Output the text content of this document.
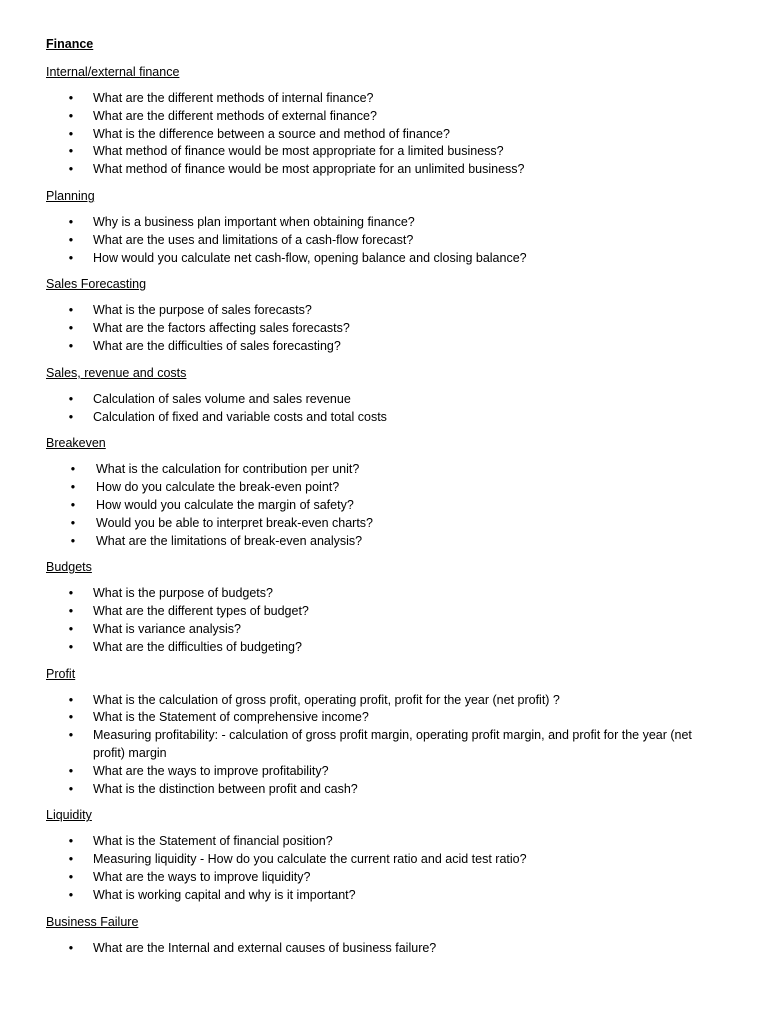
Finance
Internal/external finance
• What are the different methods of internal finance?
• What are the different methods of external finance?
• What is the difference between a source and method of finance?
• What method of finance would be most appropriate for a limited business?
• What method of finance would be most appropriate for an unlimited business?
Planning
• Why is a business plan important when obtaining finance?
• What are the uses and limitations of a cash-flow forecast?
• How would you calculate net cash-flow, opening balance and closing balance?
Sales Forecasting
• What is the purpose of sales forecasts?
• What are the factors affecting sales forecasts?
• What are the difficulties of sales forecasting?
Sales, revenue and costs
• Calculation of sales volume and sales revenue
• Calculation of fixed and variable costs and total costs
Breakeven
• What is the calculation for contribution per unit?
• How do you calculate the break-even point?
• How would you calculate the margin of safety?
• Would you be able to interpret break-even charts?
• What are the limitations of break-even analysis?
Budgets
• What is the purpose of budgets?
• What are the different types of budget?
• What is variance analysis?
• What are the difficulties of budgeting?
Profit
• What is the calculation of gross profit, operating profit, profit for the year (net profit) ?
• What is the Statement of comprehensive income?
• Measuring profitability: - calculation of gross profit margin, operating profit margin, and profit for the year (net profit) margin
• What are the ways to improve profitability?
• What is the distinction between profit and cash?
Liquidity
• What is the Statement of financial position?
• Measuring liquidity - How do you calculate the current ratio and acid test ratio?
• What are the ways to improve liquidity?
• What is working capital and why is it important?
Business Failure
• What are the Internal and external causes of business failure?
